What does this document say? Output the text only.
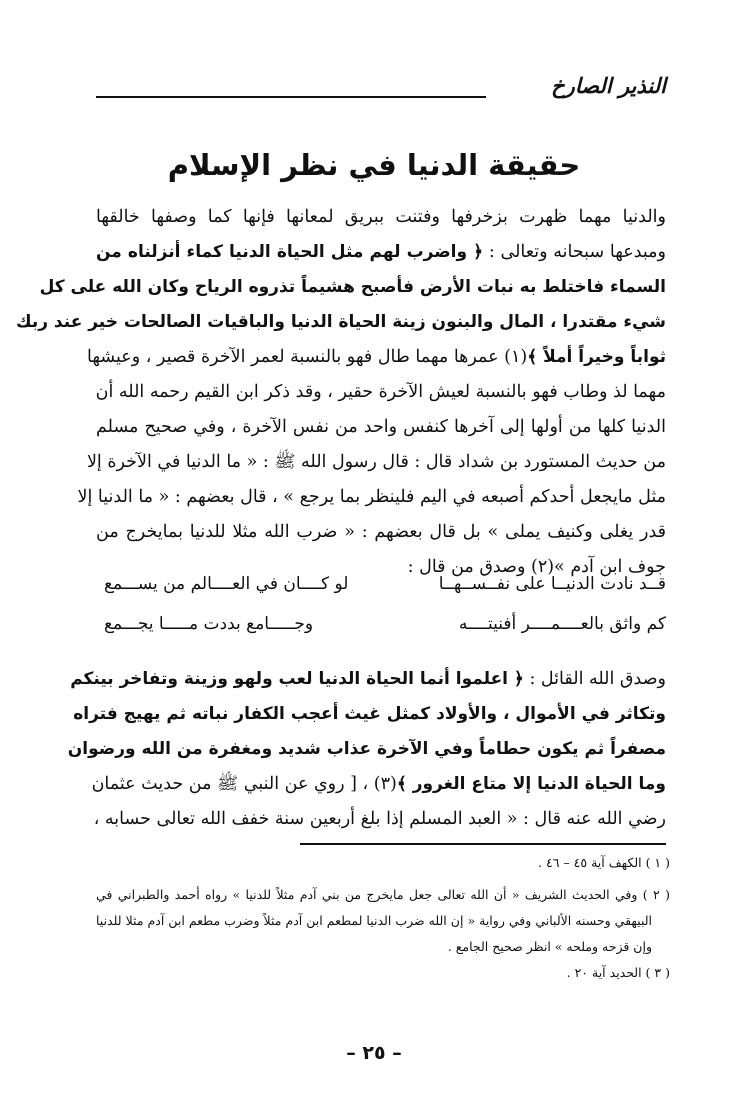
النذير الصارخ
حقيقة الدنيا في نظر الإسلام
والدنيا مهما ظهرت بزخرفها وفتنت ببريق لمعانها فإنها كما وصفها خالقها
ومبدعها سبحانه وتعالى : ﴿ واضرب لهم مثل الحياة الدنيا كماء أنزلناه من
السماء فاختلط به نبات الأرض فأصبح هشيماً تذروه الرياح وكان الله على كل
شيء مقتدرا ، المال والبنون زينة الحياة الدنيا والباقيات الصالحات خير عند ربك
ثواباً وخيراً أملاً ﴾(١) عمرها مهما طال فهو بالنسبة لعمر الآخرة قصير ، وعيشها
مهما لذ وطاب فهو بالنسبة لعيش الآخرة حقير ، وقد ذكر ابن القيم رحمه الله أن
الدنيا كلها من أولها إلى آخرها كنفس واحد من نفس الآخرة ، وفي صحيح مسلم
من حديث المستورد بن شداد قال : قال رسول الله ﷺ : « ما الدنيا في الآخرة إلا
مثل مايجعل أحدكم أصبعه في اليم فلينظر بما يرجع » ، قال بعضهم : « ما الدنيا إلا
قدر يغلى وكنيف يملى » بل قال بعضهم : « ضرب الله مثلا للدنيا بمايخرج من
جوف ابن آدم »(٢) وصدق من قال :
قــد نادت الدنيــا على نفــســهــا
لو كــــان في العــــالم من يســـمع
كم واثق بالعــــمــــر أفنيتــــه
وجـــــامع بددت مـــــا يجـــمع
وصدق الله القائل : ﴿ اعلموا أنما الحياة الدنيا لعب ولهو وزينة وتفاخر بينكم
وتكاثر في الأموال ، والأولاد كمثل غيث أعجب الكفار نباته ثم يهيج فتراه
مصفراً ثم يكون حطاماً وفي الآخرة عذاب شديد ومغفرة من الله ورضوان
وما الحياة الدنيا إلا متاع الغرور ﴾(٣) ، [ روي عن النبي ﷺ من حديث عثمان
رضي الله عنه قال : « العبد المسلم إذا بلغ أربعين سنة خفف الله تعالى حسابه ،
( ١ ) الكهف آية ٤٥ – ٤٦ .
( ٢ ) وفي الحديث الشريف « أن الله تعالى جعل مايخرج من بني آدم مثلاً للدنيا » رواه أحمد والطبراني في
البيهقي وحسنه الألباني وفي رواية « إن الله ضرب الدنيا لمطعم ابن آدم مثلاً وضرب مطعم ابن آدم مثلا للدنيا
وإن قزحه وملحه » انظر صحيح الجامع .
( ٣ ) الحديد آية ٢٠ .
– ٢٥ –
